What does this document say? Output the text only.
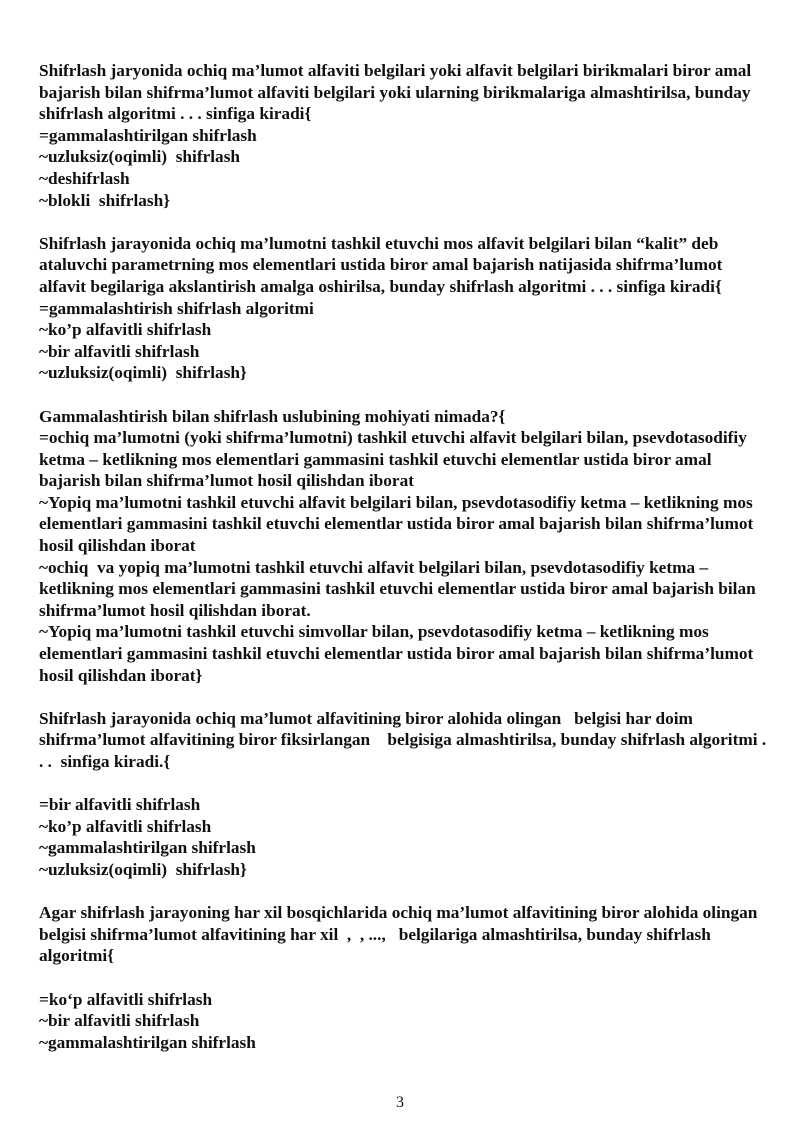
Shifrlash jaryonida ochiq ma’lumot alfaviti belgilari yoki alfavit belgilari birikmalari biror amal bajarish bilan shifrma’lumot alfaviti belgilari yoki ularning birikmalariga almashtirilsa, bunday shifrlash algoritmi . . . sinfiga kiradi{
=gammalashtirilgan shifrlash
~uzluksiz(oqimli)  shifrlash
~deshifrlash
~blokli  shifrlash}
Shifrlash jarayonida ochiq ma’lumotni tashkil etuvchi mos alfavit belgilari bilan “kalit” deb ataluvchi parametrning mos elementlari ustida biror amal bajarish natijasida shifrma’lumot alfavit begilariga akslantirish amalga oshirilsa, bunday shifrlash algoritmi . . . sinfiga kiradi{
=gammalashtirish shifrlash algoritmi
~ko’p alfavitli shifrlash
~bir alfavitli shifrlash
~uzluksiz(oqimli)  shifrlash}
Gammalashtirish bilan shifrlash uslubining mohiyati nimada?{
=ochiq ma’lumotni (yoki shifrma’lumotni) tashkil etuvchi alfavit belgilari bilan, psevdotasodifiy ketma – ketlikning mos elementlari gammasini tashkil etuvchi elementlar ustida biror amal bajarish bilan shifrma’lumot hosil qilishdan iborat
~Yopiq ma’lumotni tashkil etuvchi alfavit belgilari bilan, psevdotasodifiy ketma – ketlikning mos elementlari gammasini tashkil etuvchi elementlar ustida biror amal bajarish bilan shifrma’lumot hosil qilishdan iborat
~ochiq  va yopiq ma’lumotni tashkil etuvchi alfavit belgilari bilan, psevdotasodifiy ketma – ketlikning mos elementlari gammasini tashkil etuvchi elementlar ustida biror amal bajarish bilan shifrma’lumot hosil qilishdan iborat.
~Yopiq ma’lumotni tashkil etuvchi simvollar bilan, psevdotasodifiy ketma – ketlikning mos elementlari gammasini tashkil etuvchi elementlar ustida biror amal bajarish bilan shifrma’lumot hosil qilishdan iborat}
Shifrlash jarayonida ochiq ma’lumot alfavitining biror alohida olingan   belgisi har doim shifrma’lumot alfavitining biror fiksirlangan    belgisiga almashtirilsa, bunday shifrlash algoritmi . . .  sinfiga kiradi.{
=bir alfavitli shifrlash
~ko’p alfavitli shifrlash
~gammalashtirilgan shifrlash
~uzluksiz(oqimli)  shifrlash}
Agar shifrlash jarayoning har xil bosqichlarida ochiq ma’lumot alfavitining biror alohida olingan   belgisi shifrma’lumot alfavitining har xil  ,  , ...,   belgilariga almashtirilsa, bunday shifrlash algoritmi{
=ko‘p alfavitli shifrlash
~bir alfavitli shifrlash
~gammalashtirilgan shifrlash
3
